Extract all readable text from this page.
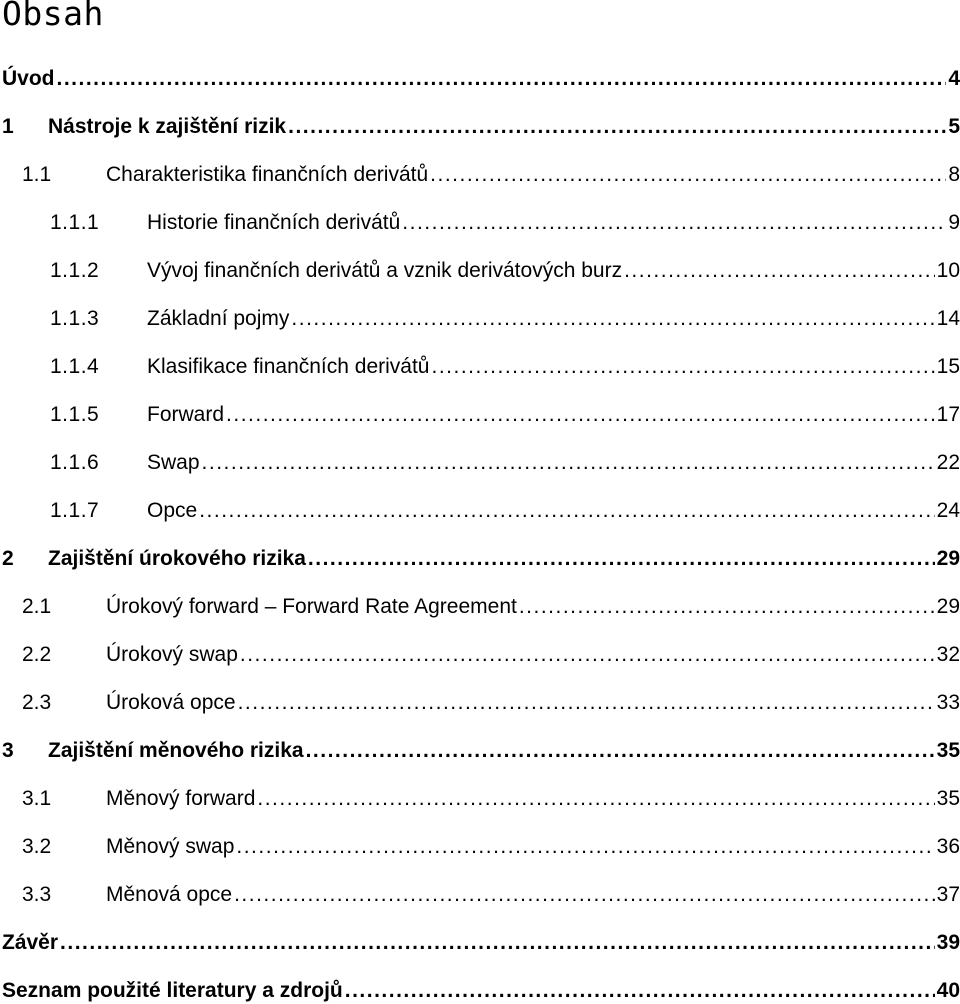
Obsah
Úvod .....	4
1	Nástroje k zajištění rizik .....	5
1.1	Charakteristika finančních derivátů .....	8
1.1.1	Historie finančních derivátů .....	9
1.1.2	Vývoj finančních derivátů a vznik derivátových burz .....	10
1.1.3	Základní pojmy .....	14
1.1.4	Klasifikace finančních derivátů .....	15
1.1.5	Forward .....	17
1.1.6	Swap .....	22
1.1.7	Opce .....	24
2	Zajištění úrokového rizika .....	29
2.1	Úrokový forward – Forward Rate Agreement .....	29
2.2	Úrokový swap .....	32
2.3	Úroková opce .....	33
3	Zajištění měnového rizika .....	35
3.1	Měnový forward .....	35
3.2	Měnový swap .....	36
3.3	Měnová opce .....	37
Závěr .....	39
Seznam použité literatury a zdrojů .....	40
